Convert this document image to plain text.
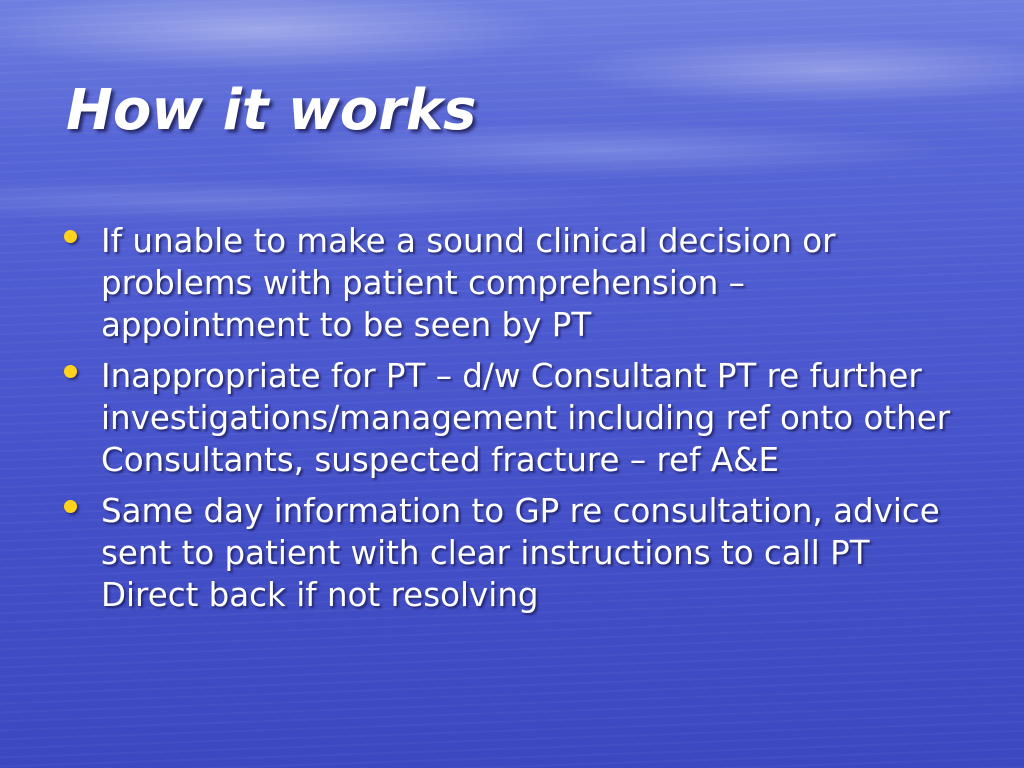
How it works
If unable to make a sound clinical decision or problems with patient comprehension – appointment to be seen by PT
Inappropriate for PT – d/w Consultant PT re further investigations/management including ref onto other Consultants, suspected fracture – ref A&E
Same day information to GP re consultation, advice sent to patient with clear instructions to call PT Direct back if not resolving
